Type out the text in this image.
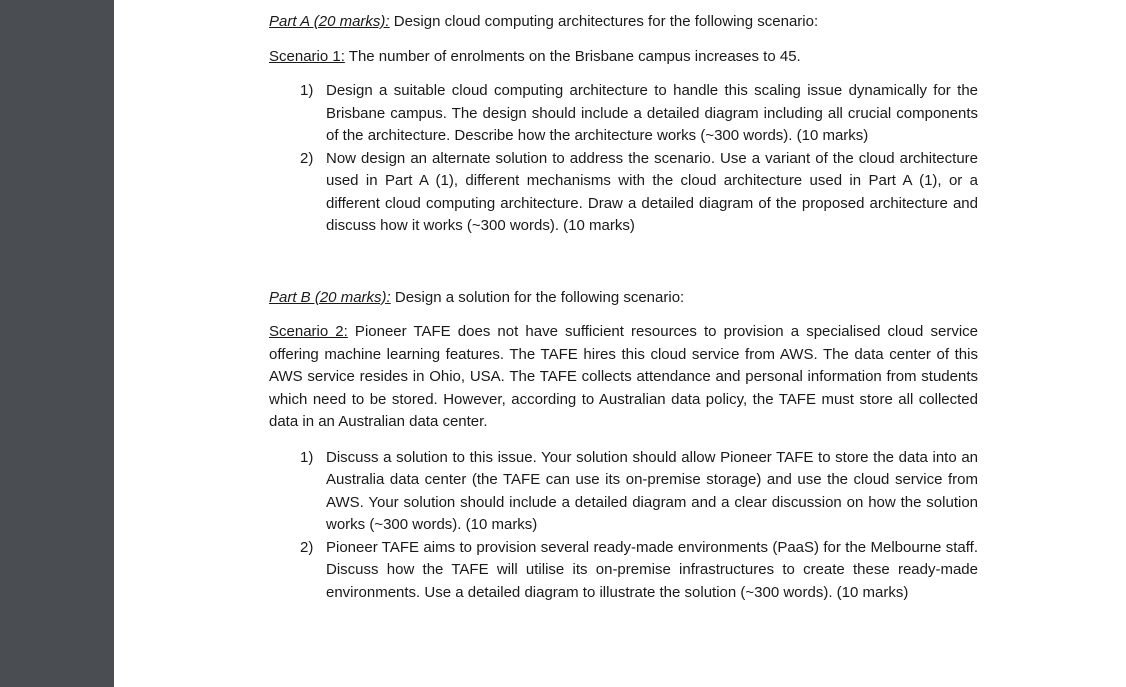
Part A (20 marks): Design cloud computing architectures for the following scenario:

Scenario 1: The number of enrolments on the Brisbane campus increases to 45.

1) Design a suitable cloud computing architecture to handle this scaling issue dynamically for the Brisbane campus. The design should include a detailed diagram including all crucial components of the architecture. Describe how the architecture works (~300 words). (10 marks)
2) Now design an alternate solution to address the scenario. Use a variant of the cloud architecture used in Part A (1), different mechanisms with the cloud architecture used in Part A (1), or a different cloud computing architecture. Draw a detailed diagram of the proposed architecture and discuss how it works (~300 words). (10 marks)

Part B (20 marks): Design a solution for the following scenario:

Scenario 2: Pioneer TAFE does not have sufficient resources to provision a specialised cloud service offering machine learning features. The TAFE hires this cloud service from AWS. The data center of this AWS service resides in Ohio, USA. The TAFE collects attendance and personal information from students which need to be stored. However, according to Australian data policy, the TAFE must store all collected data in an Australian data center.

1) Discuss a solution to this issue. Your solution should allow Pioneer TAFE to store the data into an Australia data center (the TAFE can use its on-premise storage) and use the cloud service from AWS. Your solution should include a detailed diagram and a clear discussion on how the solution works (~300 words). (10 marks)
2) Pioneer TAFE aims to provision several ready-made environments (PaaS) for the Melbourne staff. Discuss how the TAFE will utilise its on-premise infrastructures to create these ready-made environments. Use a detailed diagram to illustrate the solution (~300 words). (10 marks)
